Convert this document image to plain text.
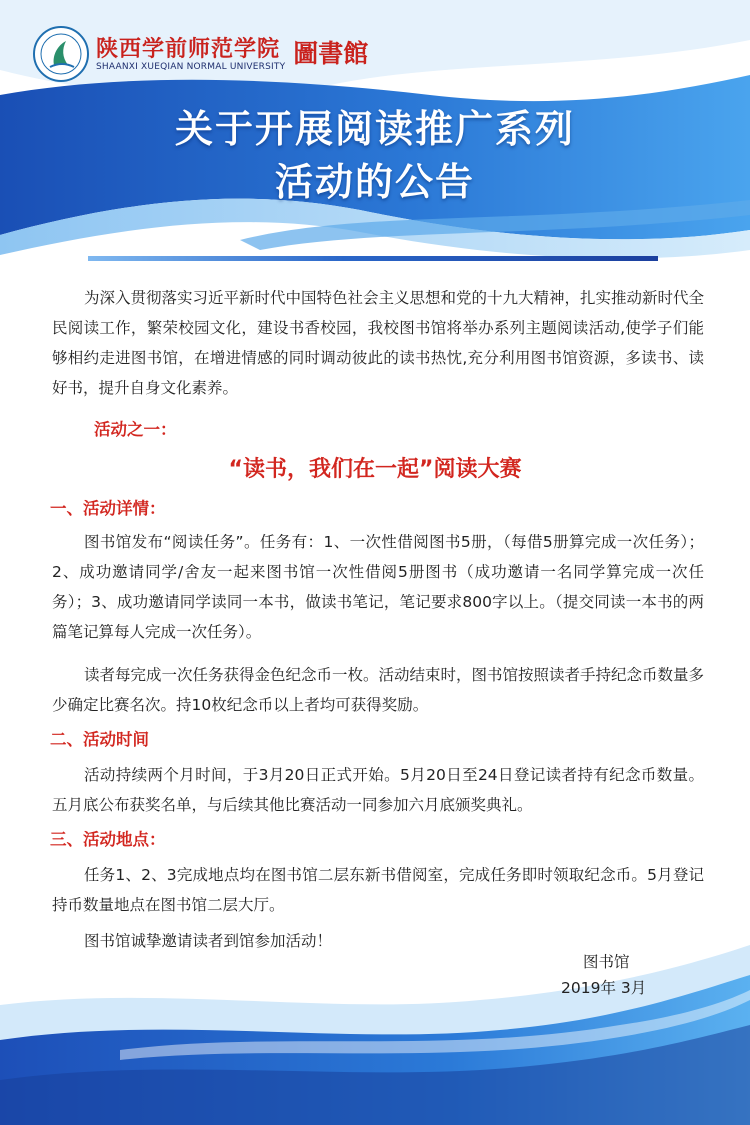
陕西学前师范学院
SHAANXI XUEQIAN NORMAL UNIVERSITY 圖書館
关于开展阅读推广系列
活动的公告

为深入贯彻落实习近平新时代中国特色社会主义思想和党的十九大精神，扎实推动新时代全民阅读工作，繁荣校园文化，建设书香校园，我校图书馆将举办系列主题阅读活动,使学子们能够相约走进图书馆，在增进情感的同时调动彼此的读书热忱,充分利用图书馆资源，多读书、读好书，提升自身文化素养。

活动之一：
“读书，我们在一起”阅读大赛
一、活动详情：

图书馆发布“阅读任务”。任务有：1、一次性借阅图书5册，（每借5册算完成一次任务）；2、成功邀请同学/舍友一起来图书馆一次性借阅5册图书（成功邀请一名同学算完成一次任务）；3、成功邀请同学读同一本书，做读书笔记，笔记要求800字以上。（提交同读一本书的两篇笔记算每人完成一次任务）。

读者每完成一次任务获得金色纪念币一枚。活动结束时，图书馆按照读者手持纪念币数量多少确定比赛名次。持10枚纪念币以上者均可获得奖励。

二、活动时间

活动持续两个月时间，于3月20日正式开始。5月20日至24日登记读者持有纪念币数量。五月底公布获奖名单，与后续其他比赛活动一同参加六月底颁奖典礼。

三、活动地点：

任务1、2、3完成地点均在图书馆二层东新书借阅室，完成任务即时领取纪念币。5月登记持币数量地点在图书馆二层大厅。

图书馆诚挚邀请读者到馆参加活动！

图书馆
2019年 3月
